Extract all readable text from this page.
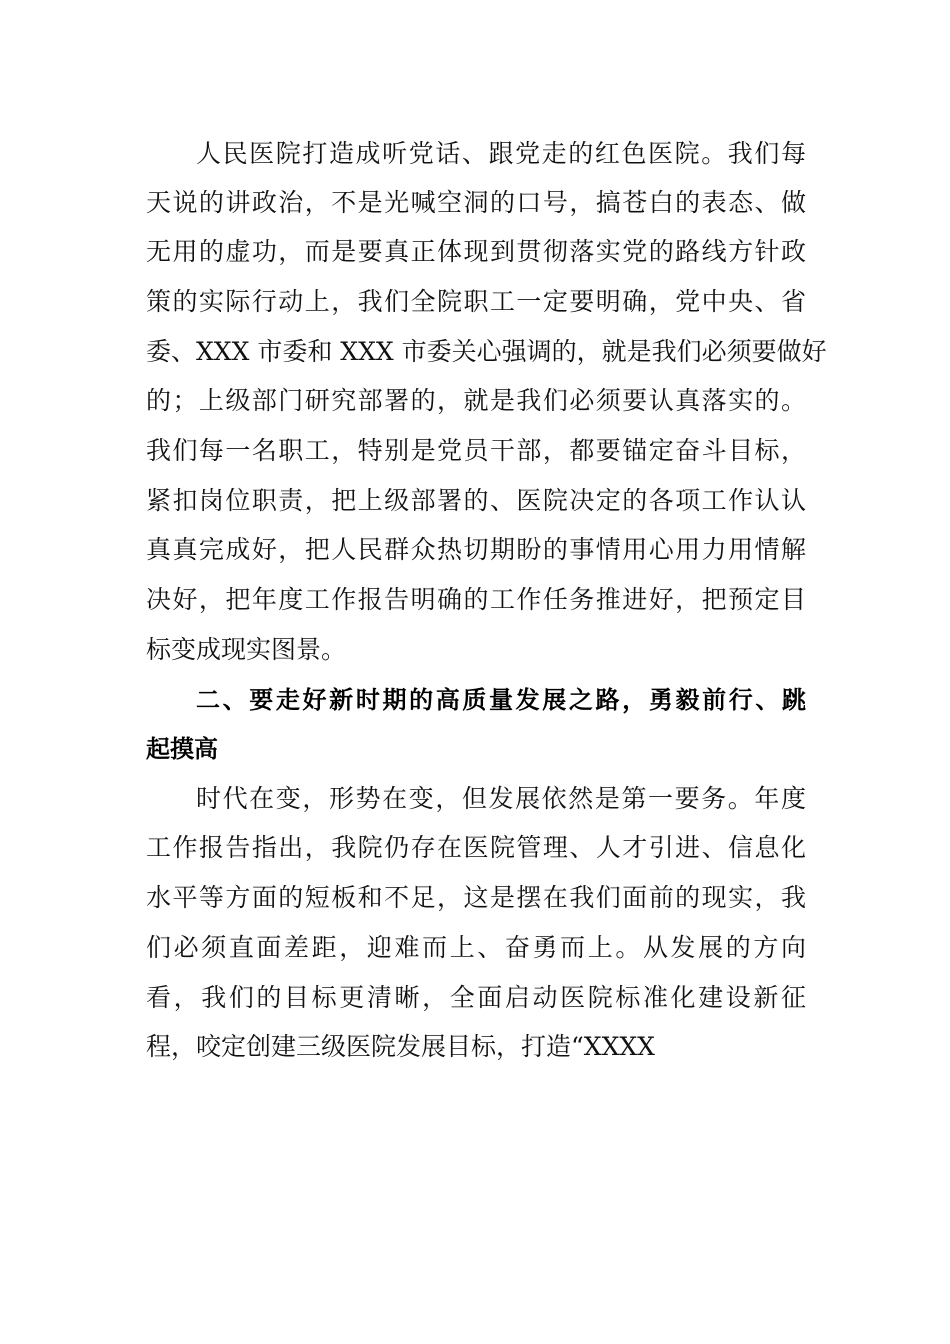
人民医院打造成听党话、跟党走的红色医院。我们每
天说的讲政治，不是光喊空洞的口号，搞苍白的表态、做
无用的虚功，而是要真正体现到贯彻落实党的路线方针政
策的实际行动上，我们全院职工一定要明确，党中央、省
委、XXX 市委和 XXX 市委关心强调的，就是我们必须要做好
的；上级部门研究部署的，就是我们必须要认真落实的。
我们每一名职工，特别是党员干部，都要锚定奋斗目标，
紧扣岗位职责，把上级部署的、医院决定的各项工作认认
真真完成好，把人民群众热切期盼的事情用心用力用情解
决好，把年度工作报告明确的工作任务推进好，把预定目
标变成现实图景。
二、要走好新时期的高质量发展之路，勇毅前行、跳
起摸高
时代在变，形势在变，但发展依然是第一要务。年度
工作报告指出，我院仍存在医院管理、人才引进、信息化
水平等方面的短板和不足，这是摆在我们面前的现实，我
们必须直面差距，迎难而上、奋勇而上。从发展的方向
看，我们的目标更清晰，全面启动医院标准化建设新征
程，咬定创建三级医院发展目标，打造“XXXX
